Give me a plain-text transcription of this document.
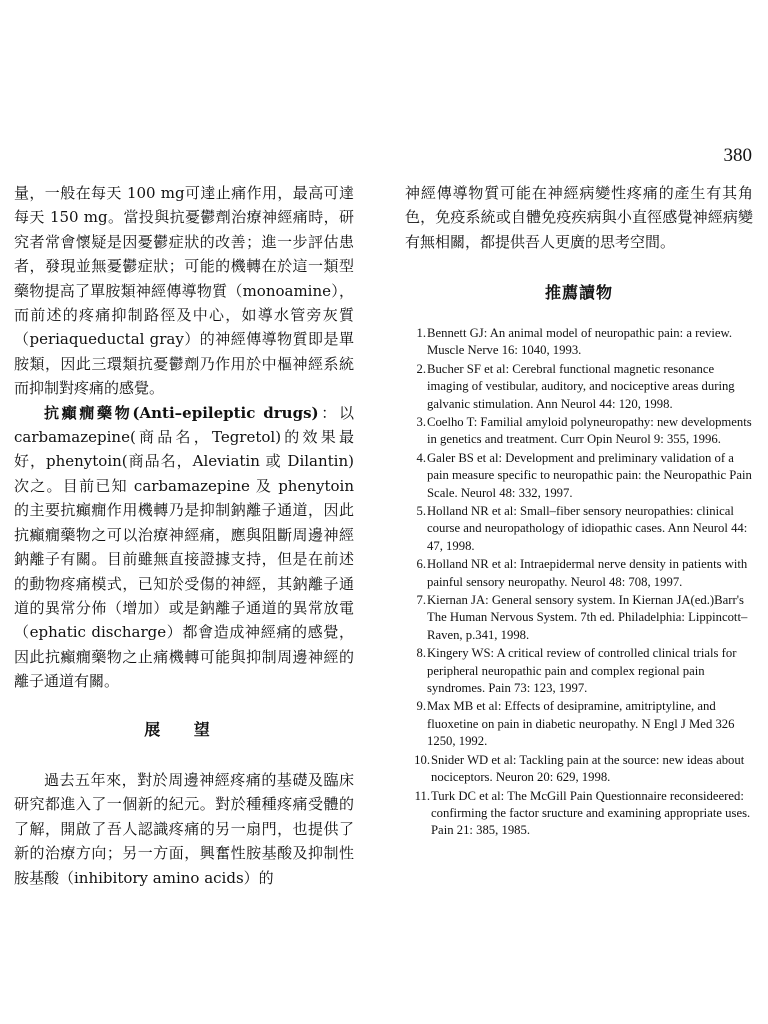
380

量，一般在每天 100 mg可達止痛作用，最高可達每天 150 mg。當投與抗憂鬱劑治療神經痛時，研究者常會懷疑是因憂鬱症狀的改善；進一步評估患者，發現並無憂鬱症狀；可能的機轉在於這一類型藥物提高了單胺類神經傳導物質（monoamine），而前述的疼痛抑制路徑及中心，如導水管旁灰質（periaqueductal gray）的神經傳導物質即是單胺類，因此三環類抗憂鬱劑乃作用於中樞神經系統而抑制對疼痛的感覺。

抗癲癇藥物(Anti–epileptic drugs)：以 carbamazepine(商品名，Tegretol)的效果最好，phenytoin(商品名，Aleviatin 或 Dilantin) 次之。目前已知 carbamazepine 及 phenytoin 的主要抗癲癇作用機轉乃是抑制鈉離子通道，因此抗癲癇藥物之可以治療神經痛，應與阻斷周邊神經鈉離子有關。目前雖無直接證據支持，但是在前述的動物疼痛模式，已知於受傷的神經，其鈉離子通道的異常分佈（增加）或是鈉離子通道的異常放電（ephatic discharge）都會造成神經痛的感覺，因此抗癲癇藥物之止痛機轉可能與抑制周邊神經的離子通道有關。

展 望

過去五年來，對於周邊神經疼痛的基礎及臨床研究都進入了一個新的紀元。對於種種疼痛受體的了解，開啟了吾人認識疼痛的另一扇門，也提供了新的治療方向；另一方面，興奮性胺基酸及抑制性胺基酸（inhibitory amino acids）的

神經傳導物質可能在神經病變性疼痛的產生有其角色，免疫系統或自體免疫疾病與小直徑感覺神經病變有無相關，都提供吾人更廣的思考空間。

推薦讀物
1. Bennett GJ: An animal model of neuropathic pain: a review. Muscle Nerve 16: 1040, 1993.
2. Bucher SF et al: Cerebral functional magnetic resonance imaging of vestibular, auditory, and nociceptive areas during galvanic stimulation. Ann Neurol 44: 120, 1998.
3. Coelho T: Familial amyloid polyneuropathy: new developments in genetics and treatment. Curr Opin Neurol 9: 355, 1996.
4. Galer BS et al: Development and preliminary validation of a pain measure specific to neuropathic pain: the Neuropathic Pain Scale. Neurol 48: 332, 1997.
5. Holland NR et al: Small–fiber sensory neuropathies: clinical course and neuropathology of idiopathic cases. Ann Neurol 44: 47, 1998.
6. Holland NR et al: Intraepidermal nerve density in patients with painful sensory neuropathy. Neurol 48: 708, 1997.
7. Kiernan JA: General sensory system. In Kiernan JA(ed.)Barr's The Human Nervous System. 7th ed. Philadelphia: Lippincott–Raven, p.341, 1998.
8. Kingery WS: A critical review of controlled clinical trials for peripheral neuropathic pain and complex regional pain syndromes. Pain 73: 123, 1997.
9. Max MB et al: Effects of desipramine, amitriptyline, and fluoxetine on pain in diabetic neuropathy. N Engl J Med 326 1250, 1992.
10. Snider WD et al: Tackling pain at the source: new ideas about nociceptors. Neuron 20: 629, 1998.
11. Turk DC et al: The McGill Pain Questionnaire reconsideered: confirming the factor sructure and examining appropriate uses. Pain 21: 385, 1985.
